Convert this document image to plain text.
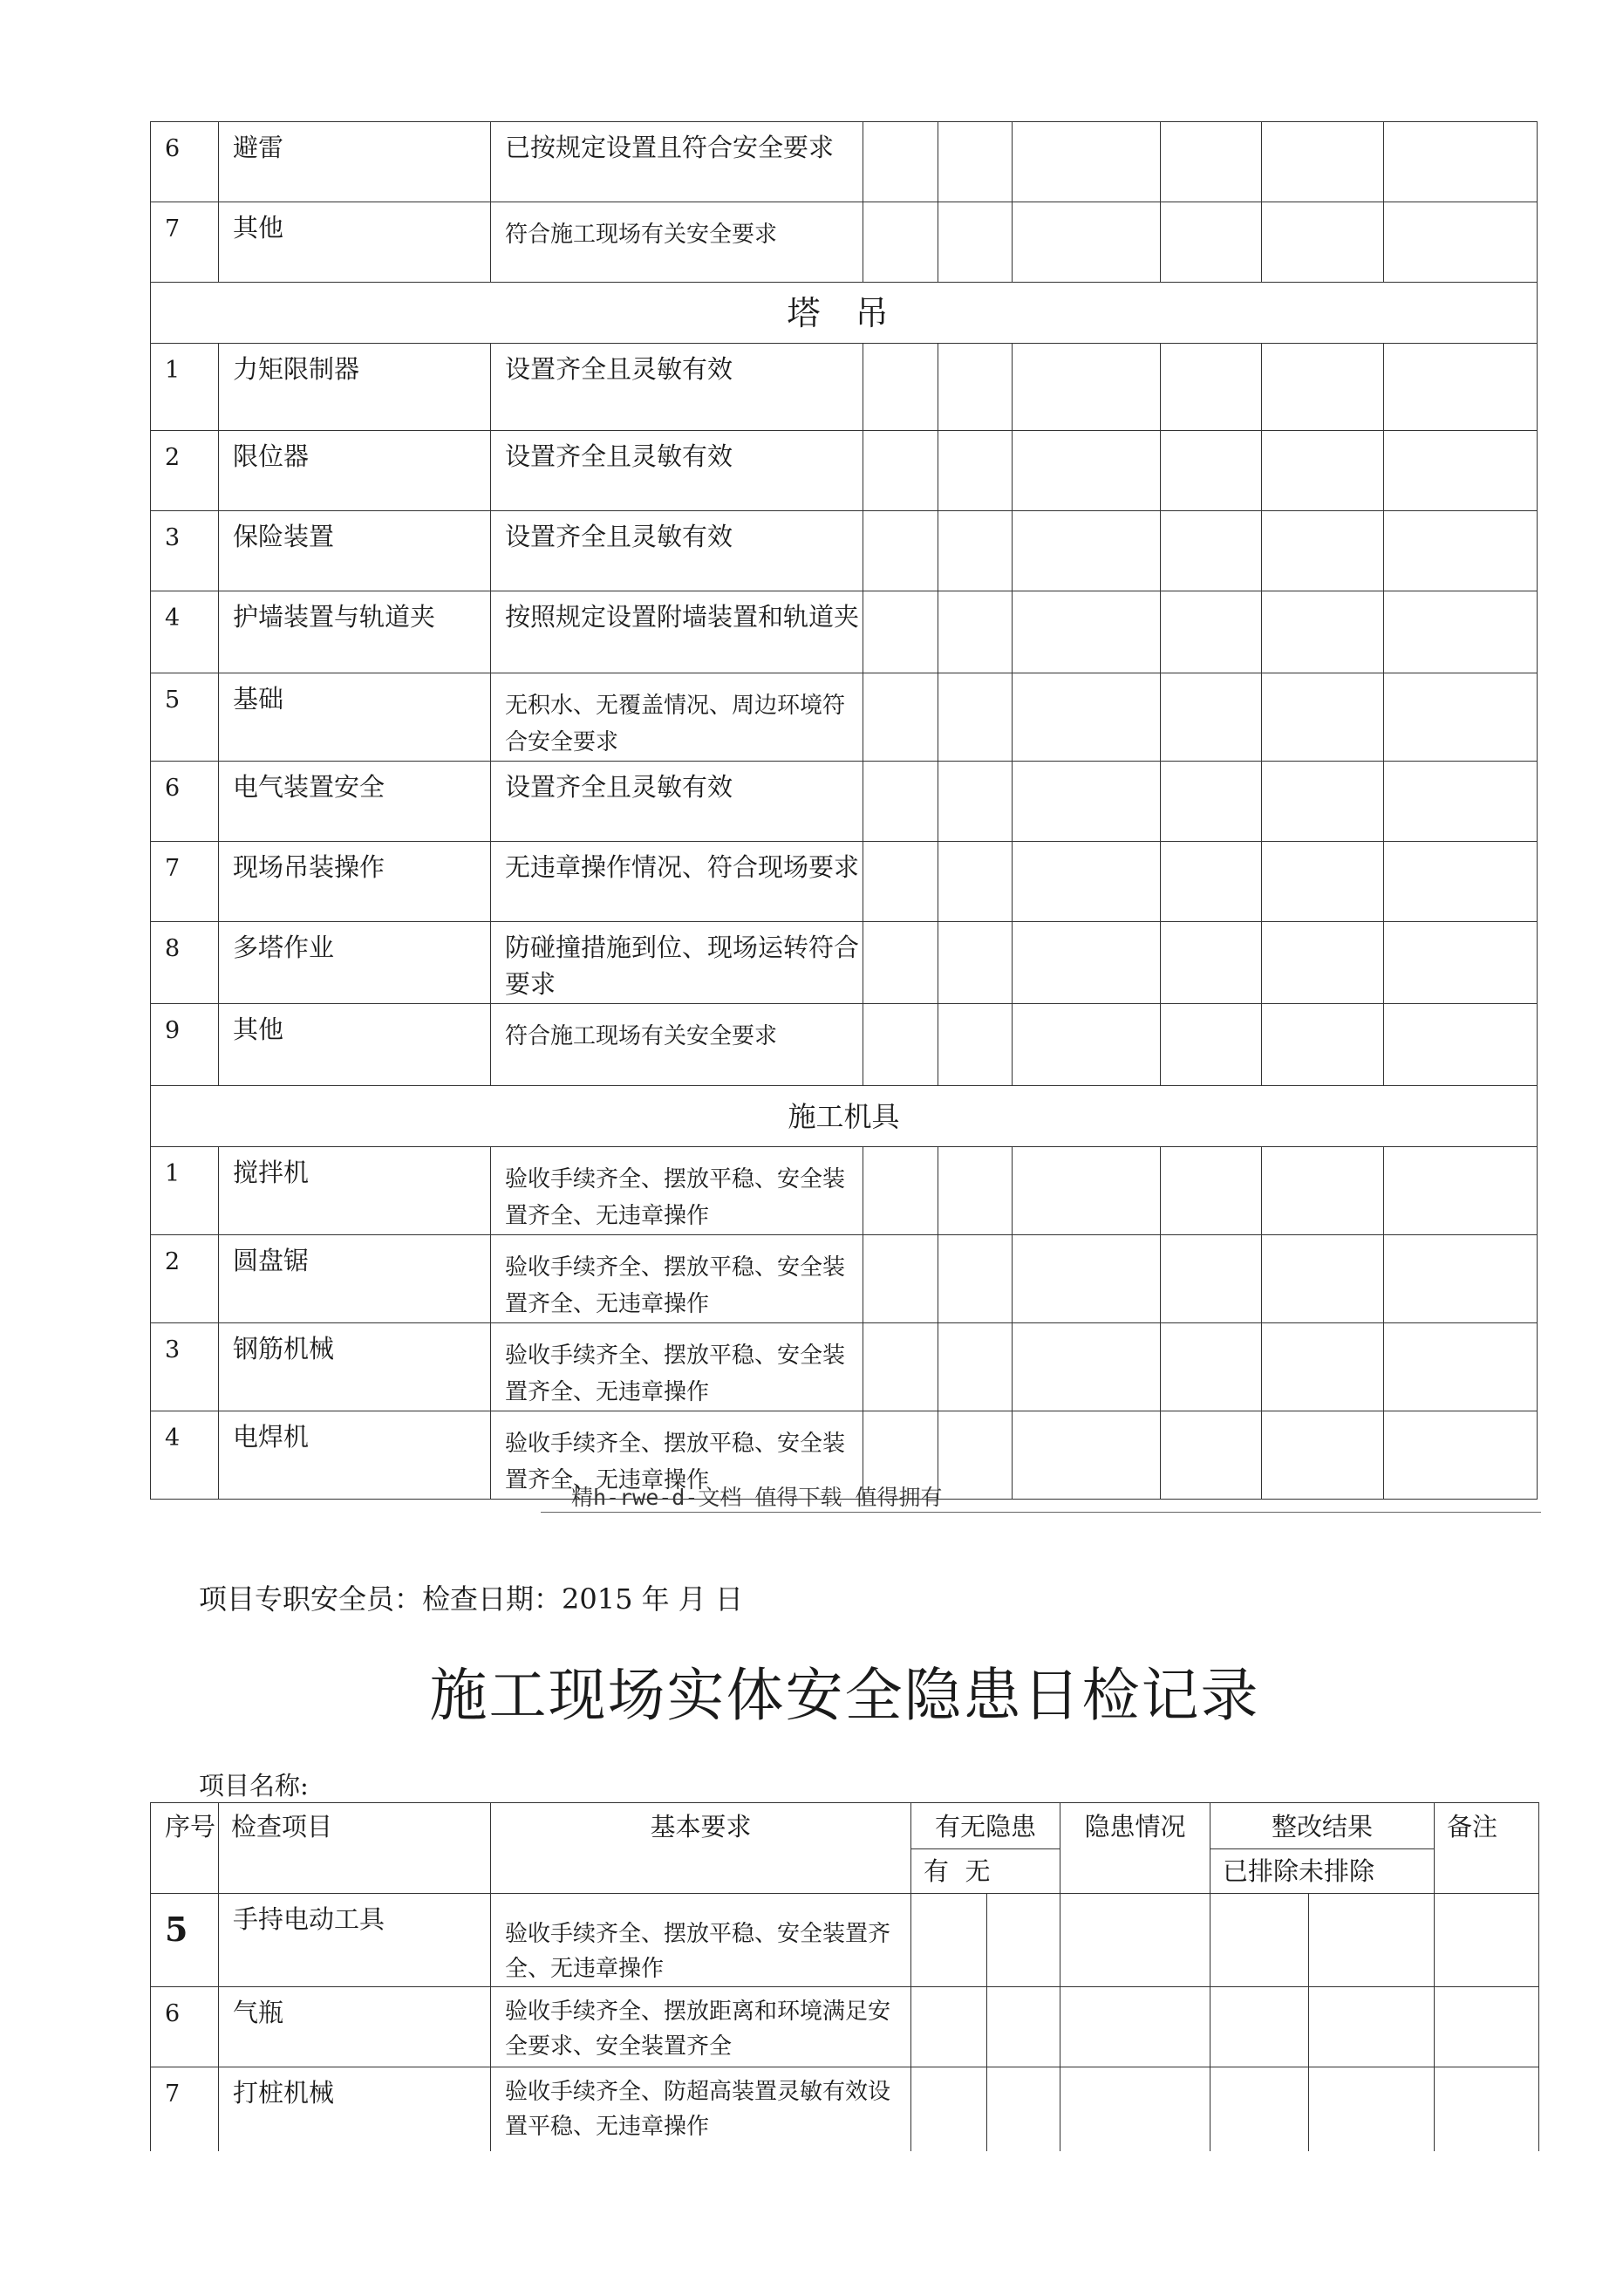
6	避雷	已按规定设置且符合安全要求						
7	其他	符合施工现场有关安全要求						
塔 吊								
1	力矩限制器	设置齐全且灵敏有效						
2	限位器	设置齐全且灵敏有效						
3	保险装置	设置齐全且灵敏有效						
4	护墙装置与轨道夹	按照规定设置附墙装置和轨道夹						
5	基础	无积水、无覆盖情况、周边环境符合安全要求						
6	电气装置安全	设置齐全且灵敏有效						
7	现场吊装操作	无违章操作情况、符合现场要求						
8	多塔作业	防碰撞措施到位、现场运转符合要求						
9	其他	符合施工现场有关安全要求						
施工机具								
1	搅拌机	验收手续齐全、摆放平稳、安全装置齐全、无违章操作						
2	圆盘锯	验收手续齐全、摆放平稳、安全装置齐全、无违章操作						
3	钢筋机械	验收手续齐全、摆放平稳、安全装置齐全、无违章操作						
4	电焊机	验收手续齐全、摆放平稳、安全装置齐全、无违章操作						
精h-rwe-d-文档 值得下载 值得拥有
项目专职安全员：检查日期：2015 年 月 日
施工现场实体安全隐患日检记录
项目名称:
序号	检查项目	基本要求	有无隐患		隐患情况	整改结果		备注
			有 无			已排除未排除		
5	手持电动工具	验收手续齐全、摆放平稳、安全装置齐全、无违章操作						
6	气瓶	验收手续齐全、摆放距离和环境满足安全要求、安全装置齐全						
7	打桩机械	验收手续齐全、防超高装置灵敏有效设置平稳、无违章操作						
